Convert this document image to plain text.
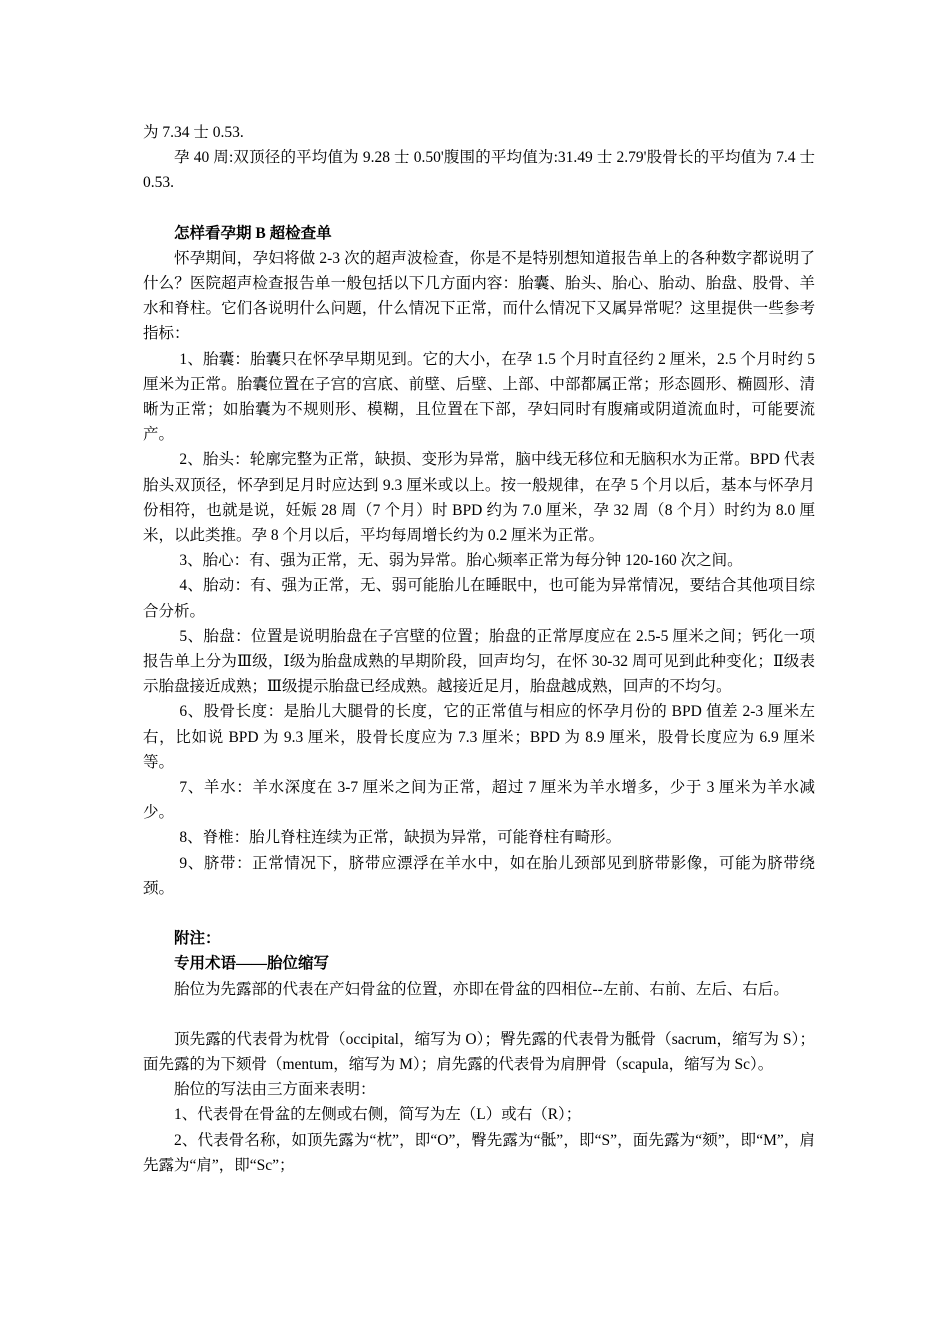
为 7.34 士 0.53.

孕 40 周:双顶径的平均值为 9.28 士 0.50'腹围的平均值为:31.49 士 2.79'股骨长的平均值为 7.4 士 0.53.

怎样看孕期 B 超检查单

怀孕期间，孕妇将做 2-3 次的超声波检查，你是不是特别想知道报告单上的各种数字都说明了什么？医院超声检查报告单一般包括以下几方面内容：胎囊、胎头、胎心、胎动、胎盘、股骨、羊水和脊柱。它们各说明什么问题，什么情况下正常，而什么情况下又属异常呢？这里提供一些参考指标：

1、胎囊：胎囊只在怀孕早期见到。它的大小，在孕 1.5 个月时直径约 2 厘米，2.5 个月时约 5 厘米为正常。胎囊位置在子宫的宫底、前壁、后壁、上部、中部都属正常；形态圆形、椭圆形、清晰为正常；如胎囊为不规则形、模糊，且位置在下部，孕妇同时有腹痛或阴道流血时，可能要流产。

2、胎头：轮廓完整为正常，缺损、变形为异常，脑中线无移位和无脑积水为正常。BPD 代表胎头双顶径，怀孕到足月时应达到 9.3 厘米或以上。按一般规律，在孕 5 个月以后，基本与怀孕月份相符，也就是说，妊娠 28 周（7 个月）时 BPD 约为 7.0 厘米，孕 32 周（8 个月）时约为 8.0 厘米，以此类推。孕 8 个月以后，平均每周增长约为 0.2 厘米为正常。

3、胎心：有、强为正常，无、弱为异常。胎心频率正常为每分钟 120-160 次之间。

4、胎动：有、强为正常，无、弱可能胎儿在睡眠中，也可能为异常情况，要结合其他项目综合分析。

5、胎盘：位置是说明胎盘在子宫壁的位置；胎盘的正常厚度应在 2.5-5 厘米之间；钙化一项报告单上分为Ⅲ级，Ⅰ级为胎盘成熟的早期阶段，回声均匀，在怀 30-32 周可见到此种变化；Ⅱ级表示胎盘接近成熟；Ⅲ级提示胎盘已经成熟。越接近足月，胎盘越成熟，回声的不均匀。

6、股骨长度：是胎儿大腿骨的长度，它的正常值与相应的怀孕月份的 BPD 值差 2-3 厘米左右，比如说 BPD 为 9.3 厘米，股骨长度应为 7.3 厘米；BPD 为 8.9 厘米，股骨长度应为 6.9 厘米等。

7、羊水：羊水深度在 3-7 厘米之间为正常，超过 7 厘米为羊水增多，少于 3 厘米为羊水减少。

8、脊椎：胎儿脊柱连续为正常，缺损为异常，可能脊柱有畸形。

9、脐带：正常情况下，脐带应漂浮在羊水中，如在胎儿颈部见到脐带影像，可能为脐带绕颈。

附注：

专用术语——胎位缩写

胎位为先露部的代表在产妇骨盆的位置，亦即在骨盆的四相位--左前、右前、左后、右后。

顶先露的代表骨为枕骨（occipital，缩写为 O）；臀先露的代表骨为骶骨（sacrum，缩写为 S）；面先露的为下颏骨（mentum，缩写为 M）；肩先露的代表骨为肩胛骨（scapula，缩写为 Sc）。

胎位的写法由三方面来表明：

1、代表骨在骨盆的左侧或右侧，简写为左（L）或右（R）；

2、代表骨名称，如顶先露为“枕”，即“O”，臀先露为“骶”，即“S”，面先露为“颏”，即“M”，肩先露为“肩”，即“Sc”；
